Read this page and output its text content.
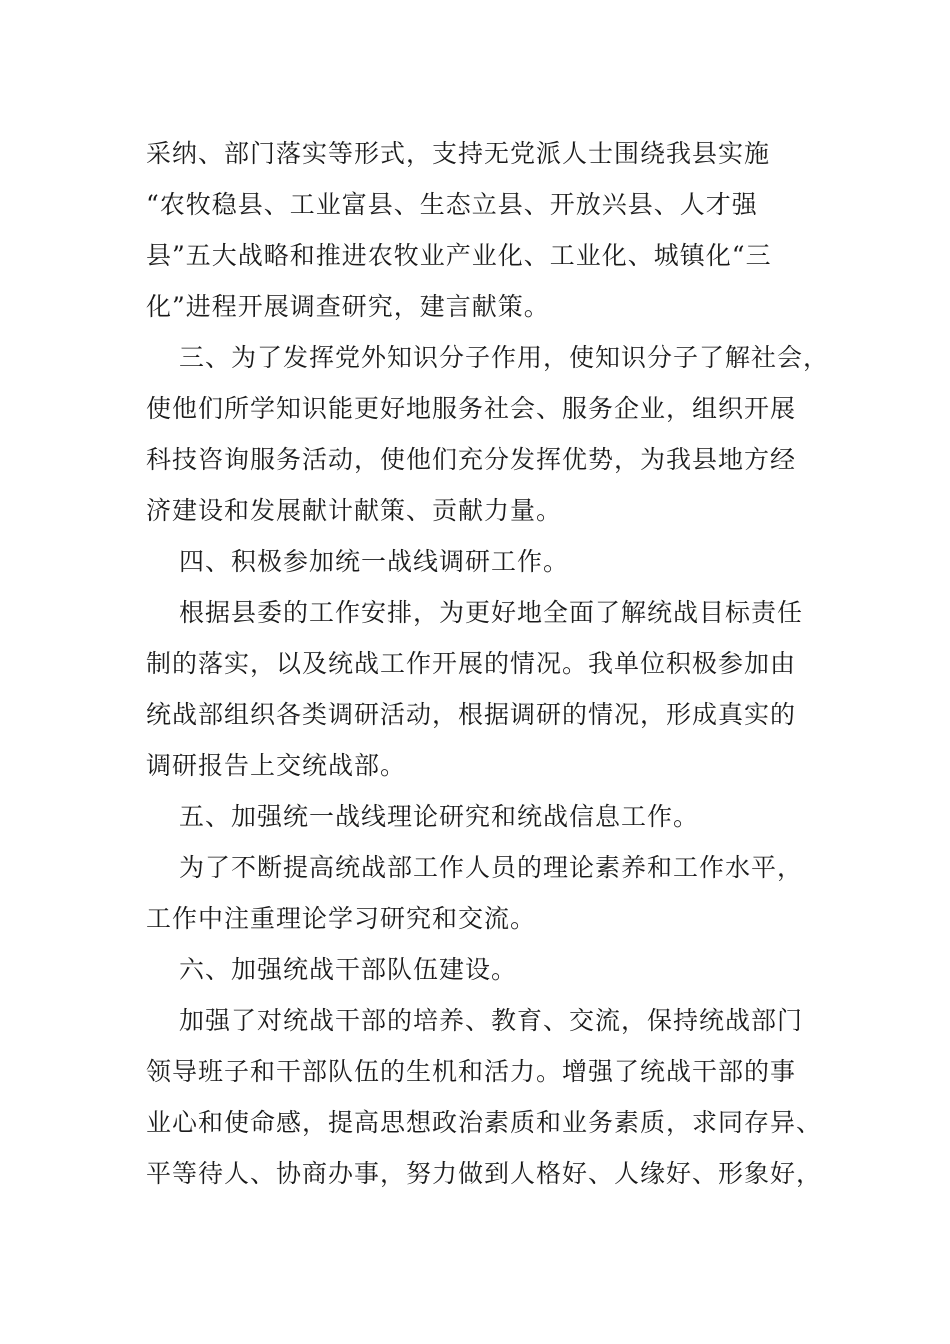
采纳、部门落实等形式，支持无党派人士围绕我县实施
“农牧稳县、工业富县、生态立县、开放兴县、人才强
县”五大战略和推进农牧业产业化、工业化、城镇化“三
化”进程开展调查研究，建言献策。
三、为了发挥党外知识分子作用，使知识分子了解社会，
使他们所学知识能更好地服务社会、服务企业，组织开展
科技咨询服务活动，使他们充分发挥优势，为我县地方经
济建设和发展献计献策、贡献力量。
四、积极参加统一战线调研工作。
根据县委的工作安排，为更好地全面了解统战目标责任
制的落实，以及统战工作开展的情况。我单位积极参加由
统战部组织各类调研活动，根据调研的情况，形成真实的
调研报告上交统战部。
五、加强统一战线理论研究和统战信息工作。
为了不断提高统战部工作人员的理论素养和工作水平，
工作中注重理论学习研究和交流。
六、加强统战干部队伍建设。
加强了对统战干部的培养、教育、交流，保持统战部门
领导班子和干部队伍的生机和活力。增强了统战干部的事
业心和使命感，提高思想政治素质和业务素质，求同存异、
平等待人、协商办事，努力做到人格好、人缘好、形象好，
